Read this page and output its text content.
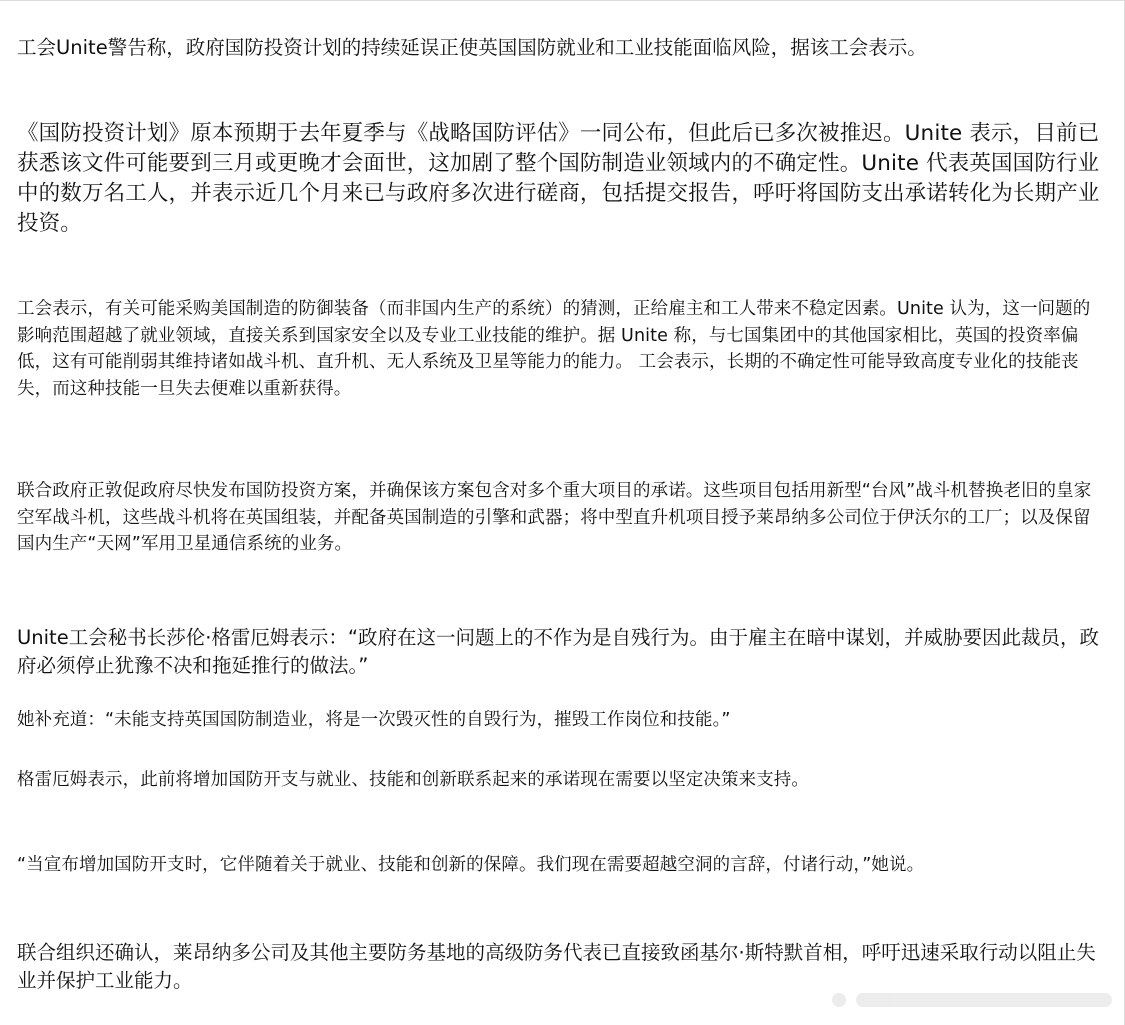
工会Unite警告称，政府国防投资计划的持续延误正使英国国防就业和工业技能面临风险，据该工会表示。

《国防投资计划》原本预期于去年夏季与《战略国防评估》一同公布，但此后已多次被推迟。Unite 表示，目前已获悉该文件可能要到三月或更晚才会面世，这加剧了整个国防制造业领域内的不确定性。Unite 代表英国国防行业中的数万名工人，并表示近几个月来已与政府多次进行磋商，包括提交报告，呼吁将国防支出承诺转化为长期产业投资。

工会表示，有关可能采购美国制造的防御装备（而非国内生产的系统）的猜测，正给雇主和工人带来不稳定因素。Unite 认为，这一问题的影响范围超越了就业领域，直接关系到国家安全以及专业工业技能的维护。据 Unite 称，与七国集团中的其他国家相比，英国的投资率偏低，这有可能削弱其维持诸如战斗机、直升机、无人系统及卫星等能力的能力。 工会表示，长期的不确定性可能导致高度专业化的技能丧失，而这种技能一旦失去便难以重新获得。

联合政府正敦促政府尽快发布国防投资方案，并确保该方案包含对多个重大项目的承诺。这些项目包括用新型“台风”战斗机替换老旧的皇家空军战斗机，这些战斗机将在英国组装，并配备英国制造的引擎和武器；将中型直升机项目授予莱昂纳多公司位于伊沃尔的工厂；以及保留国内生产“天网”军用卫星通信系统的业务。

Unite工会秘书长莎伦·格雷厄姆表示：“政府在这一问题上的不作为是自残行为。由于雇主在暗中谋划，并威胁要因此裁员，政府必须停止犹豫不决和拖延推行的做法。”

她补充道：“未能支持英国国防制造业，将是一次毁灭性的自毁行为，摧毁工作岗位和技能。”

格雷厄姆表示，此前将增加国防开支与就业、技能和创新联系起来的承诺现在需要以坚定决策来支持。

“当宣布增加国防开支时，它伴随着关于就业、技能和创新的保障。我们现在需要超越空洞的言辞，付诸行动，”她说。

联合组织还确认，莱昂纳多公司及其他主要防务基地的高级防务代表已直接致函基尔·斯特默首相，呼吁迅速采取行动以阻止失业并保护工业能力。
